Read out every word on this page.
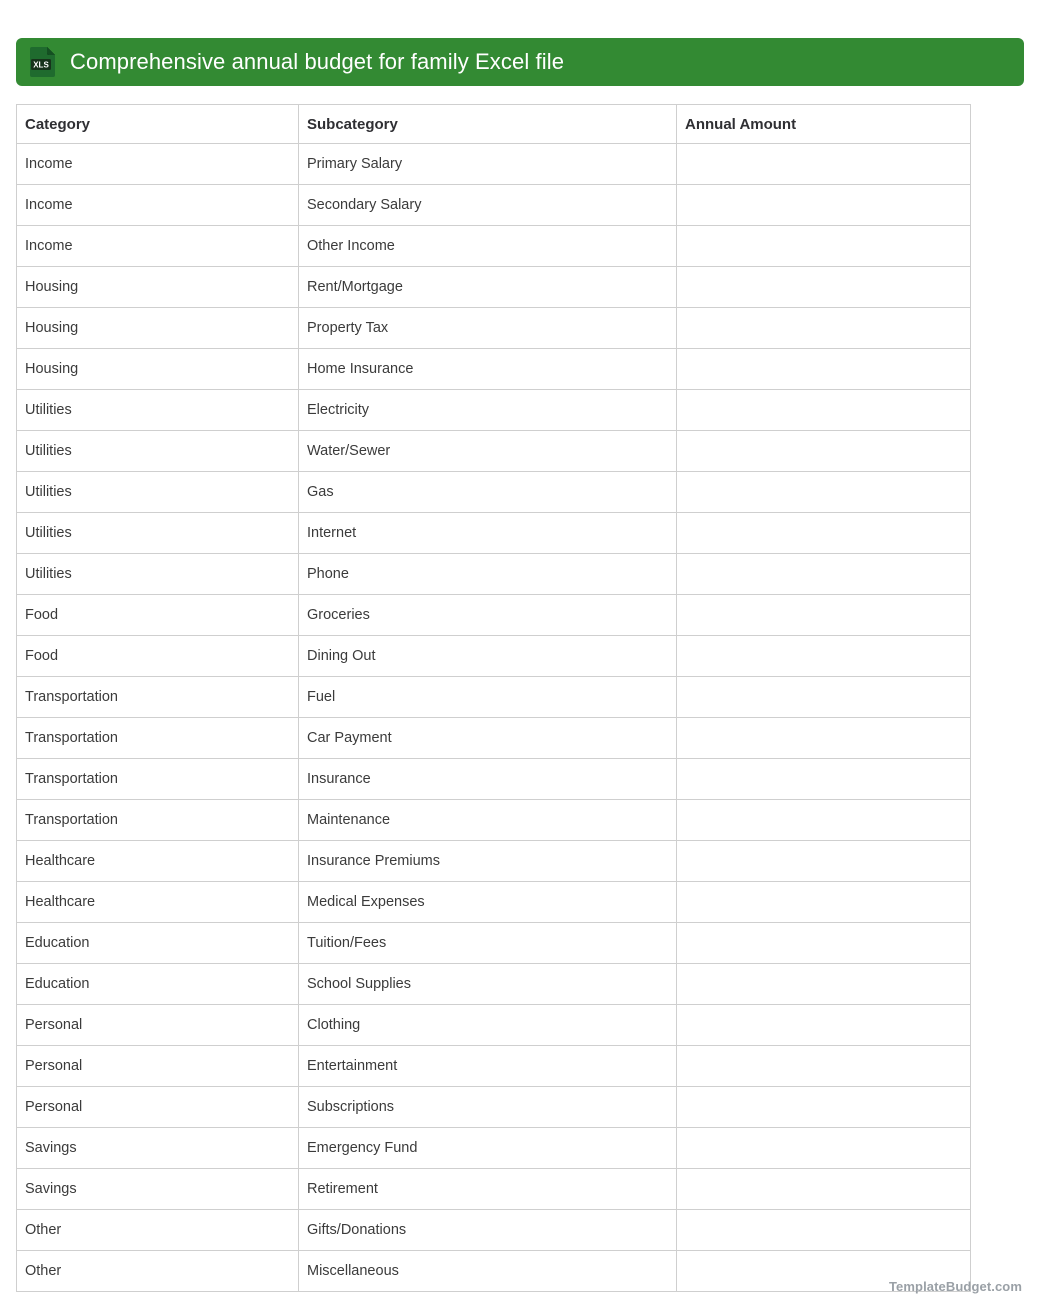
XLS Comprehensive annual budget for family Excel file
Category	Subcategory	Annual Amount
Income	Primary Salary	
Income	Secondary Salary	
Income	Other Income	
Housing	Rent/Mortgage	
Housing	Property Tax	
Housing	Home Insurance	
Utilities	Electricity	
Utilities	Water/Sewer	
Utilities	Gas	
Utilities	Internet	
Utilities	Phone	
Food	Groceries	
Food	Dining Out	
Transportation	Fuel	
Transportation	Car Payment	
Transportation	Insurance	
Transportation	Maintenance	
Healthcare	Insurance Premiums	
Healthcare	Medical Expenses	
Education	Tuition/Fees	
Education	School Supplies	
Personal	Clothing	
Personal	Entertainment	
Personal	Subscriptions	
Savings	Emergency Fund	
Savings	Retirement	
Other	Gifts/Donations	
Other	Miscellaneous	
TemplateBudget.com
